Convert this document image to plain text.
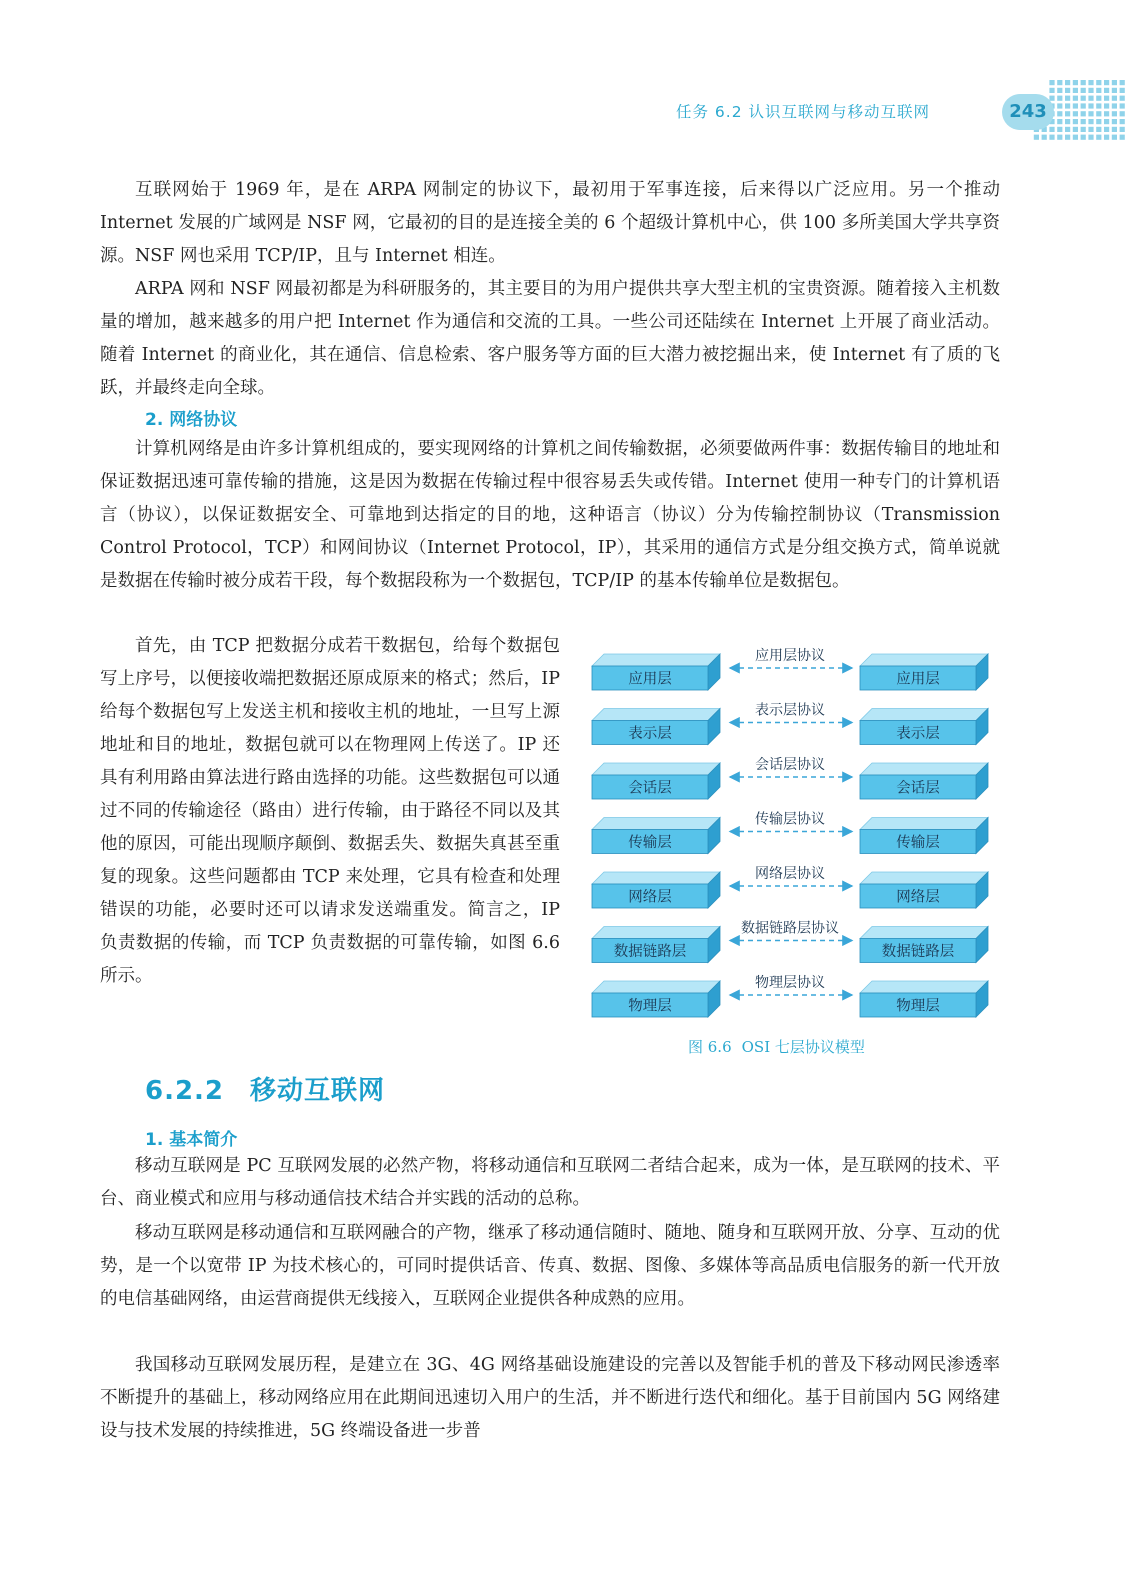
任务 6.2 认识互联网与移动互联网	243

互联网始于 1969 年，是在 ARPA 网制定的协议下，最初用于军事连接，后来得以广泛应用。另一个推动 Internet 发展的广域网是 NSF 网，它最初的目的是连接全美的 6 个超级计算机中心，供 100 多所美国大学共享资源。NSF 网也采用 TCP/IP，且与 Internet 相连。

ARPA 网和 NSF 网最初都是为科研服务的，其主要目的为用户提供共享大型主机的宝贵资源。随着接入主机数量的增加，越来越多的用户把 Internet 作为通信和交流的工具。一些公司还陆续在 Internet 上开展了商业活动。随着 Internet 的商业化，其在通信、信息检索、客户服务等方面的巨大潜力被挖掘出来，使 Internet 有了质的飞跃，并最终走向全球。

2. 网络协议

计算机网络是由许多计算机组成的，要实现网络的计算机之间传输数据，必须要做两件事：数据传输目的地址和保证数据迅速可靠传输的措施，这是因为数据在传输过程中很容易丢失或传错。Internet 使用一种专门的计算机语言（协议），以保证数据安全、可靠地到达指定的目的地，这种语言（协议）分为传输控制协议（Transmission Control Protocol，TCP）和网间协议（Internet Protocol，IP），其采用的通信方式是分组交换方式，简单说就是数据在传输时被分成若干段，每个数据段称为一个数据包，TCP/IP 的基本传输单位是数据包。

首先，由 TCP 把数据分成若干数据包，给每个数据包写上序号，以便接收端把数据还原成原来的格式；然后，IP 给每个数据包写上发送主机和接收主机的地址，一旦写上源地址和目的地址，数据包就可以在物理网上传送了。IP 还具有利用路由算法进行路由选择的功能。这些数据包可以通过不同的传输途径（路由）进行传输，由于路径不同以及其他的原因，可能出现顺序颠倒、数据丢失、数据失真甚至重复的现象。这些问题都由 TCP 来处理，它具有检查和处理错误的功能，必要时还可以请求发送端重发。简言之，IP 负责数据的传输，而 TCP 负责数据的可靠传输，如图 6.6 所示。

应用层	应用层
应用层协议
表示层	表示层
表示层协议
会话层	会话层
会话层协议
传输层	传输层
传输层协议
网络层	网络层
网络层协议
数据链路层	数据链路层
数据链路层协议
物理层	物理层
物理层协议
图 6.6 OSI 七层协议模型
6.2.2 移动互联网
1. 基本简介

移动互联网是 PC 互联网发展的必然产物，将移动通信和互联网二者结合起来，成为一体，是互联网的技术、平台、商业模式和应用与移动通信技术结合并实践的活动的总称。

移动互联网是移动通信和互联网融合的产物，继承了移动通信随时、随地、随身和互联网开放、分享、互动的优势，是一个以宽带 IP 为技术核心的，可同时提供话音、传真、数据、图像、多媒体等高品质电信服务的新一代开放的电信基础网络，由运营商提供无线接入，互联网企业提供各种成熟的应用。

我国移动互联网发展历程，是建立在 3G、4G 网络基础设施建设的完善以及智能手机的普及下移动网民渗透率不断提升的基础上，移动网络应用在此期间迅速切入用户的生活，并不断进行迭代和细化。基于目前国内 5G 网络建设与技术发展的持续推进，5G 终端设备进一步普
